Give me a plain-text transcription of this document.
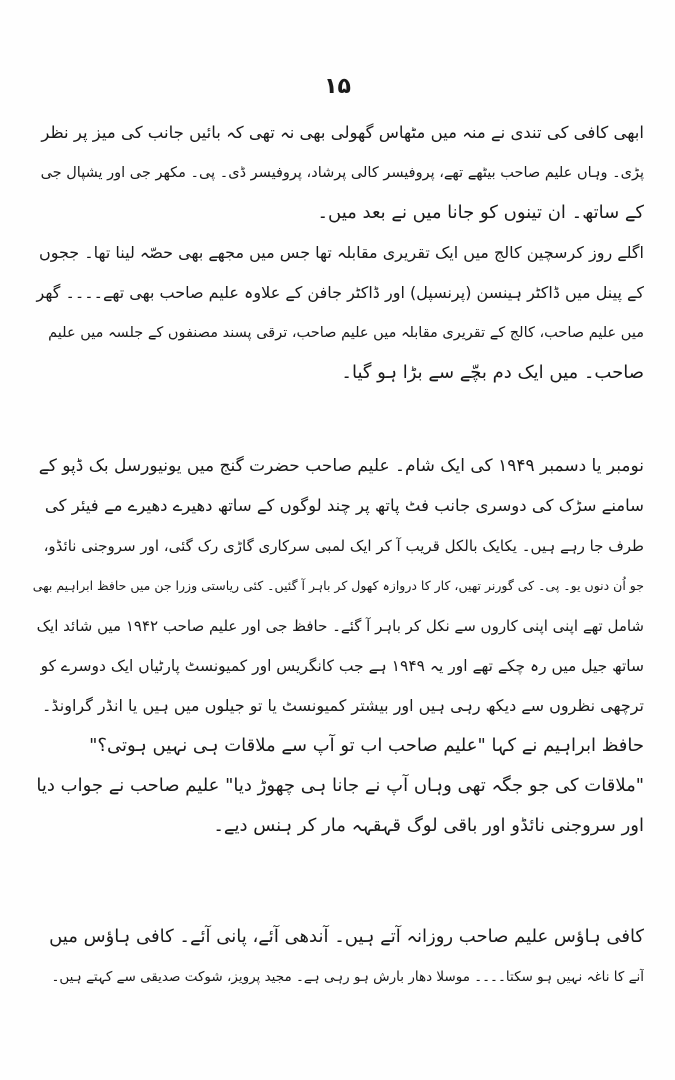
۱۵

ابھی کافی کی تندی نے منہ میں مٹھاس گھولی بھی نہ تھی کہ بائیں جانب کی میز پر نظر
پڑی۔ وہاں علیم صاحب بیٹھے تھے، پروفیسر کالی پرشاد، پروفیسر ڈی۔ پی۔ مکھر جی اور یشپال جی
کے ساتھ۔ ان تینوں کو جانا میں نے بعد میں۔

اگلے روز کرسچین کالج میں ایک تقریری مقابلہ تھا جس میں مجھے بھی حصّہ لینا تھا۔ ججوں
کے پینل میں ڈاکٹر ہینسن (پرنسپل) اور ڈاکٹر جافن کے علاوہ علیم صاحب بھی تھے۔۔۔۔ گھر
میں علیم صاحب، کالج کے تقریری مقابلہ میں علیم صاحب، ترقی پسند مصنفوں کے جلسہ میں علیم
صاحب۔ میں ایک دم بچّے سے بڑا ہو گیا۔

نومبر یا دسمبر ۱۹۴۹ کی ایک شام۔ علیم صاحب حضرت گنج میں یونیورسل بک ڈپو کے
سامنے سڑک کی دوسری جانب فٹ پاتھ پر چند لوگوں کے ساتھ دھیرے دھیرے مے فیئر کی
طرف جا رہے ہیں۔ یکایک بالکل قریب آ کر ایک لمبی سرکاری گاڑی رک گئی، اور سروجنی نائڈو،
جو اُن دنوں یو۔ پی۔ کی گورنر تھیں، کار کا دروازہ کھول کر باہر آ گئیں۔ کئی ریاستی وزرا جن میں حافظ ابراہیم بھی
شامل تھے اپنی اپنی کاروں سے نکل کر باہر آ گئے۔ حافظ جی اور علیم صاحب ۱۹۴۲ میں شائد ایک
ساتھ جیل میں رہ چکے تھے اور یہ ۱۹۴۹ ہے جب کانگریس اور کمیونسٹ پارٹیاں ایک دوسرے کو
ترچھی نظروں سے دیکھ رہی ہیں اور بیشتر کمیونسٹ یا تو جیلوں میں ہیں یا انڈر گراونڈ۔

حافظ ابراہیم نے کہا "علیم صاحب اب تو آپ سے ملاقات ہی نہیں ہوتی؟"
"ملاقات کی جو جگہ تھی وہاں آپ نے جانا ہی چھوڑ دیا" علیم صاحب نے جواب دیا
اور سروجنی نائڈو اور باقی لوگ قہقہہ مار کر ہنس دیے۔

کافی ہاؤس علیم صاحب روزانہ آتے ہیں۔ آندھی آئے، پانی آئے۔ کافی ہاؤس میں
آنے کا ناغہ نہیں ہو سکتا۔۔۔۔ موسلا دھار بارش ہو رہی ہے۔ مجید پرویز، شوکت صدیقی سے کہتے ہیں۔
